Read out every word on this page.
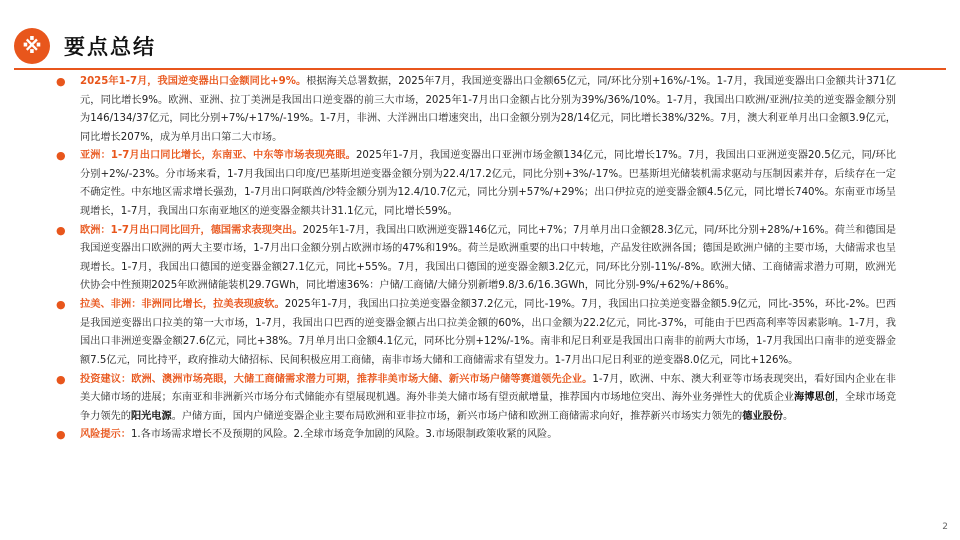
※	要点总结
● 2025年1-7月，我国逆变器出口金额同比+9%。根据海关总署数据，2025年7月，我国逆变器出口金额65亿元，同/环比分别+16%/-1%。1-7月，我国逆变器出口金额共计371亿元，同比增长9%。欧洲、亚洲、拉丁美洲是我国出口逆变器的前三大市场，2025年1-7月出口金额占比分别为39%/36%/10%。1-7月，我国出口欧洲/亚洲/拉美的逆变器金额分别为146/134/37亿元，同比分别+7%/+17%/-19%。1-7月，非洲、大洋洲出口增速突出，出口金额分别为28/14亿元，同比增长38%/32%。7月，澳大利亚单月出口金额3.9亿元，同比增长207%，成为单月出口第二大市场。
● 亚洲：1-7月出口同比增长，东南亚、中东等市场表现亮眼。2025年1-7月，我国逆变器出口亚洲市场金额134亿元，同比增长17%。7月，我国出口亚洲逆变器20.5亿元，同/环比分别+2%/-23%。分市场来看，1-7月我国出口印度/巴基斯坦逆变器金额分别为22.4/17.2亿元，同比分别+3%/-17%。巴基斯坦光储装机需求驱动与压制因素并存，后续存在一定不确定性。中东地区需求增长强劲，1-7月出口阿联酋/沙特金额分别为12.4/10.7亿元，同比分别+57%/+29%；出口伊拉克的逆变器金额4.5亿元，同比增长740%。东南亚市场呈现增长，1-7月，我国出口东南亚地区的逆变器金额共计31.1亿元，同比增长59%。
● 欧洲：1-7月出口同比回升，德国需求表现突出。2025年1-7月，我国出口欧洲逆变器146亿元，同比+7%；7月单月出口金额28.3亿元，同/环比分别+28%/+16%。荷兰和德国是我国逆变器出口欧洲的两大主要市场，1-7月出口金额分别占欧洲市场的47%和19%。荷兰是欧洲重要的出口中转地，产品发往欧洲各国；德国是欧洲户储的主要市场，大储需求也呈现增长。1-7月，我国出口德国的逆变器金额27.1亿元，同比+55%。7月，我国出口德国的逆变器金额3.2亿元，同/环比分别-11%/-8%。欧洲大储、工商储需求潜力可期，欧洲光伏协会中性预期2025年欧洲储能装机29.7GWh，同比增速36%：户储/工商储/大储分别新增9.8/3.6/16.3GWh，同比分别-9%/+62%/+86%。
● 拉美、非洲：非洲同比增长，拉美表现疲软。2025年1-7月，我国出口拉美逆变器金额37.2亿元，同比-19%。7月，我国出口拉美逆变器金额5.9亿元，同比-35%，环比-2%。巴西是我国逆变器出口拉美的第一大市场，1-7月，我国出口巴西的逆变器金额占出口拉美金额的60%，出口金额为22.2亿元，同比-37%，可能由于巴西高利率等因素影响。1-7月，我国出口非洲逆变器金额27.6亿元，同比+38%。7月单月出口金额4.1亿元，同环比分别+12%/-1%。南非和尼日利亚是我国出口南非的前两大市场，1-7月我国出口南非的逆变器金额7.5亿元，同比持平，政府推动大储招标、民间积极应用工商储，南非市场大储和工商储需求有望发力。1-7月出口尼日利亚的逆变器8.0亿元，同比+126%。
● 投资建议：欧洲、澳洲市场亮眼，大储工商储需求潜力可期，推荐非美市场大储、新兴市场户储等赛道领先企业。1-7月，欧洲、中东、澳大利亚等市场表现突出，看好国内企业在非美大储市场的进展；东南亚和非洲新兴市场分布式储能亦有望展现机遇。海外非美大储市场有望贡献增量，推荐国内市场地位突出、海外业务弹性大的优质企业海博思创，全球市场竞争力领先的阳光电源。户储方面，国内户储逆变器企业主要布局欧洲和亚非拉市场，新兴市场户储和欧洲工商储需求向好，推荐新兴市场实力领先的德业股份。
● 风险提示：1.各市场需求增长不及预期的风险。2.全球市场竞争加剧的风险。3.市场限制政策收紧的风险。
2
